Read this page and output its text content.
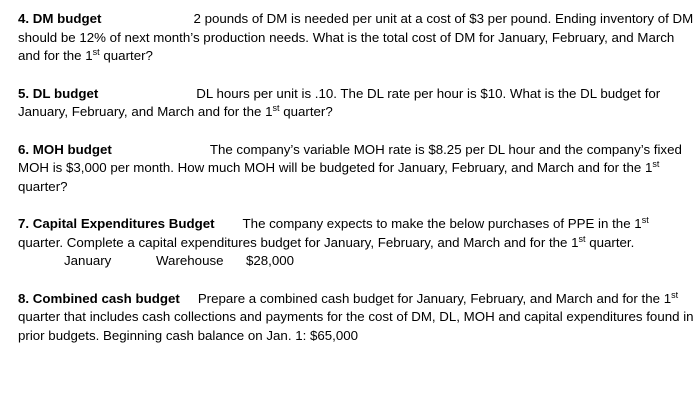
4. DM budget	2 pounds of DM is needed per unit at a cost of $3 per pound. Ending inventory of DM should be 12% of next month’s production needs. What is the total cost of DM for January, February, and March and for the 1st quarter?

5. DL budget	DL hours per unit is .10. The DL rate per hour is $10. What is the DL budget for January, February, and March and for the 1st quarter?

6. MOH budget	The company’s variable MOH rate is $8.25 per DL hour and the company’s fixed MOH is $3,000 per month. How much MOH will be budgeted for January, February, and March and for the 1st quarter?

7. Capital Expenditures Budget The company expects to make the below purchases of PPE in the 1st quarter. Complete a capital expenditures budget for January, February, and March and for the 1st quarter.
January	Warehouse	$28,000

8. Combined cash budget Prepare a combined cash budget for January, February, and March and for the 1st quarter that includes cash collections and payments for the cost of DM, DL, MOH and capital expenditures found in prior budgets. Beginning cash balance on Jan. 1: $65,000
